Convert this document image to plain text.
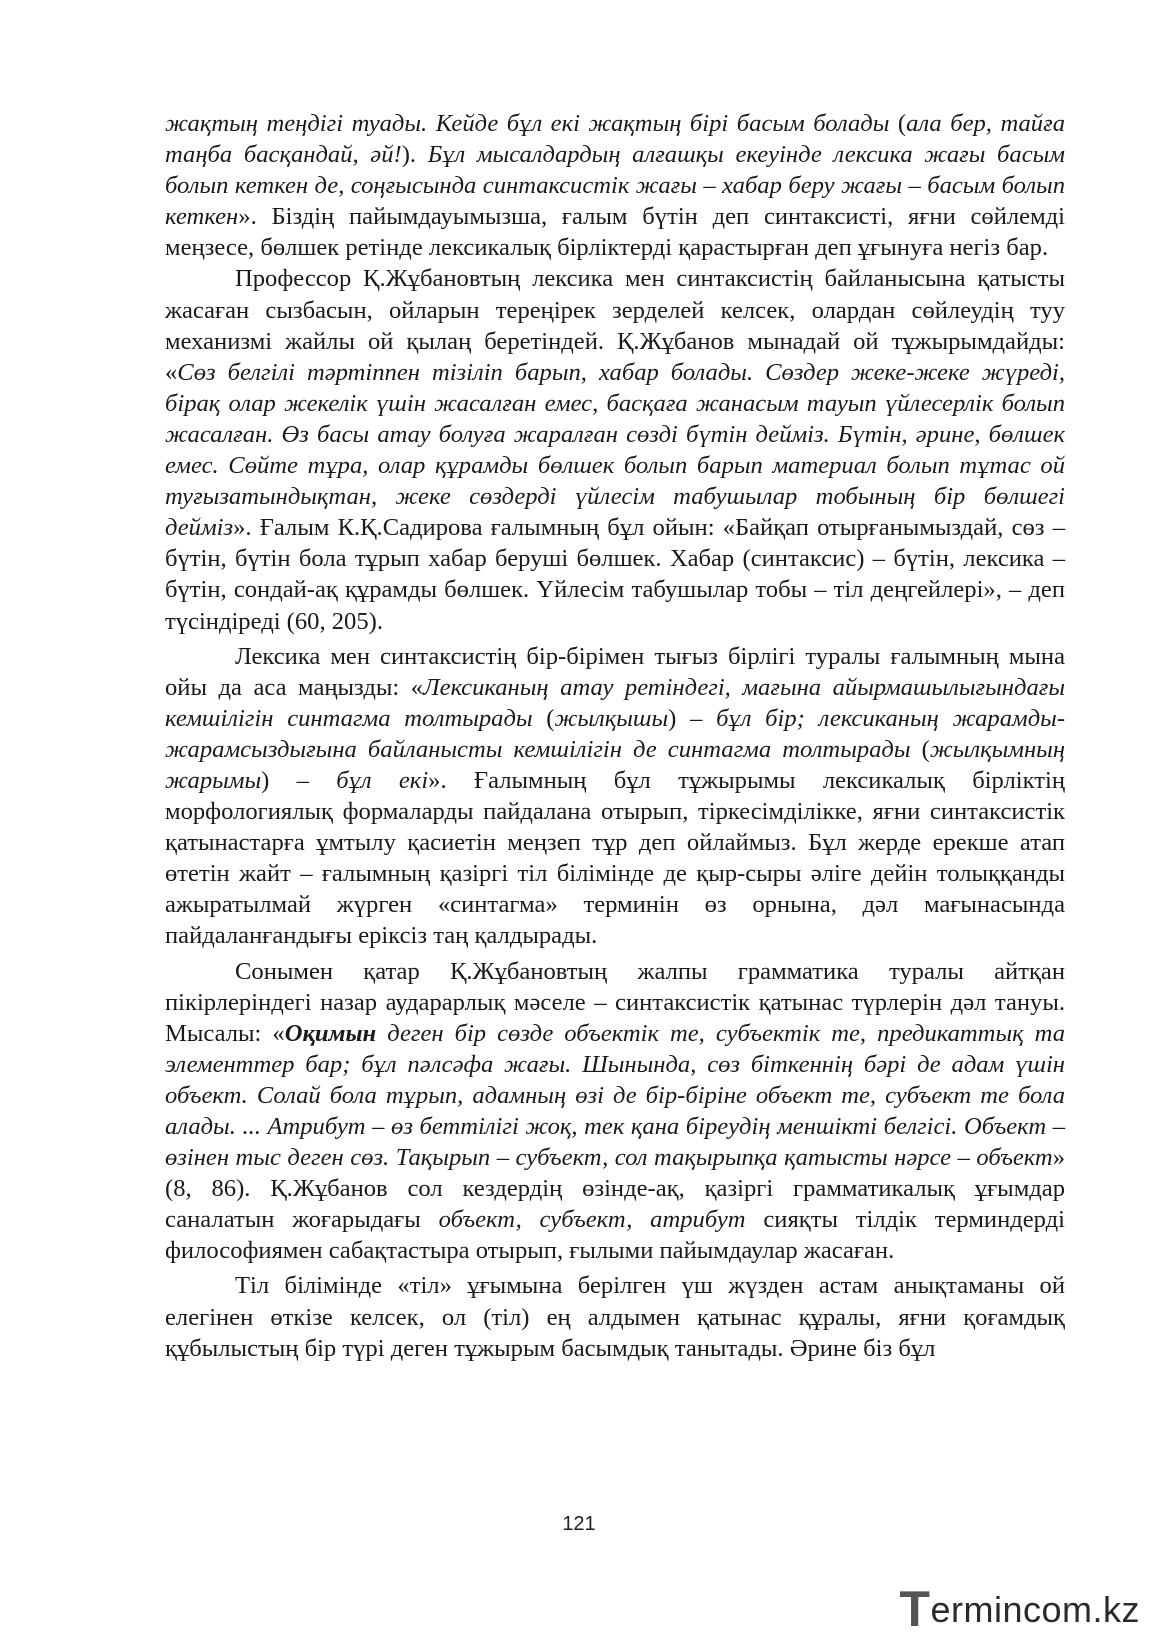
жақтың теңдігі туады. Кейде бұл екі жақтың бірі басым болады (ала бер, тайға таңба басқандай, әй!). Бұл мысалдардың алғашқы екеуінде лексика жағы басым болып кеткен де, соңғысында синтаксистік жағы – хабар беру жағы – басым болып кеткен». Біздің пайымдауымызша, ғалым бүтін деп синтаксисті, яғни сөйлемді меңзесе, бөлшек ретінде лексикалық бірліктерді қарастырған деп ұғынуға негіз бар.

Профессор Қ.Жұбановтың лексика мен синтаксистің байланысына қатысты жасаған сызбасын, ойларын тереңірек зерделей келсек, олардан сөйлеудің туу механизмі жайлы ой қылаң беретіндей. Қ.Жұбанов мынадай ой тұжырымдайды: «Сөз белгілі тәртіппен тізіліп барып, хабар болады. Сөздер жеке-жеке жүреді, бірақ олар жекелік үшін жасалған емес, басқаға жанасым тауып үйлесерлік болып жасалған. Өз басы атау болуға жаралған сөзді бүтін дейміз. Бүтін, әрине, бөлшек емес. Сөйте тұра, олар құрамды бөлшек болып барып материал болып тұтас ой туғызатындықтан, жеке сөздерді үйлесім табушылар тобының бір бөлшегі дейміз». Ғалым К.Қ.Садирова ғалымның бұл ойын: «Байқап отырғанымыздай, сөз – бүтін, бүтін бола тұрып хабар беруші бөлшек. Хабар (синтаксис) – бүтін, лексика – бүтін, сондай-ақ құрамды бөлшек. Үйлесім табушылар тобы – тіл деңгейлері», – деп түсіндіреді (60, 205).

Лексика мен синтаксистің бір-бірімен тығыз бірлігі туралы ғалымның мына ойы да аса маңызды: «Лексиканың атау ретіндегі, мағына айырмашылығындағы кемшілігін синтагма толтырады (жылқышы) – бұл бір; лексиканың жарамды-жарамсыздығына байланысты кемшілігін де синтагма толтырады (жылқымның жарымы) – бұл екі». Ғалымның бұл тұжырымы лексикалық бірліктің морфологиялық формаларды пайдалана отырып, тіркесімділікке, яғни синтаксистік қатынастарға ұмтылу қасиетін меңзеп тұр деп ойлаймыз. Бұл жерде ерекше атап өтетін жайт – ғалымның қазіргі тіл білімінде де қыр-сыры әліге дейін толыққанды ажыратылмай жүрген «синтагма» терминін өз орнына, дәл мағынасында пайдаланғандығы еріксіз таң қалдырады.

Сонымен қатар Қ.Жұбановтың жалпы грамматика туралы айтқан пікірлеріндегі назар аударарлық мәселе – синтаксистік қатынас түрлерін дәл тануы. Мысалы: «Оқимын деген бір сөзде объектік те, субъектік те, предикаттық та элементтер бар; бұл пәлсәфа жағы. Шынында, сөз біткеннің бәрі де адам үшін объект. Солай бола тұрып, адамның өзі де бір-біріне объект те, субъект те бола алады. ... Атрибут – өз беттілігі жоқ, тек қана біреудің меншікті белгісі. Объект – өзінен тыс деген сөз. Тақырып – субъект, сол тақырыпқа қатысты нәрсе – объект» (8, 86). Қ.Жұбанов сол кездердің өзінде-ақ, қазіргі грамматикалық ұғымдар саналатын жоғарыдағы объект, субъект, атрибут сияқты тілдік терминдерді философиямен сабақтастыра отырып, ғылыми пайымдаулар жасаған.

Тіл білімінде «тіл» ұғымына берілген үш жүзден астам анықтаманы ой елегінен өткізе келсек, ол (тіл) ең алдымен қатынас құралы, яғни қоғамдық құбылыстың бір түрі деген тұжырым басымдық танытады. Әрине біз бұл

121
Termincom.kz
